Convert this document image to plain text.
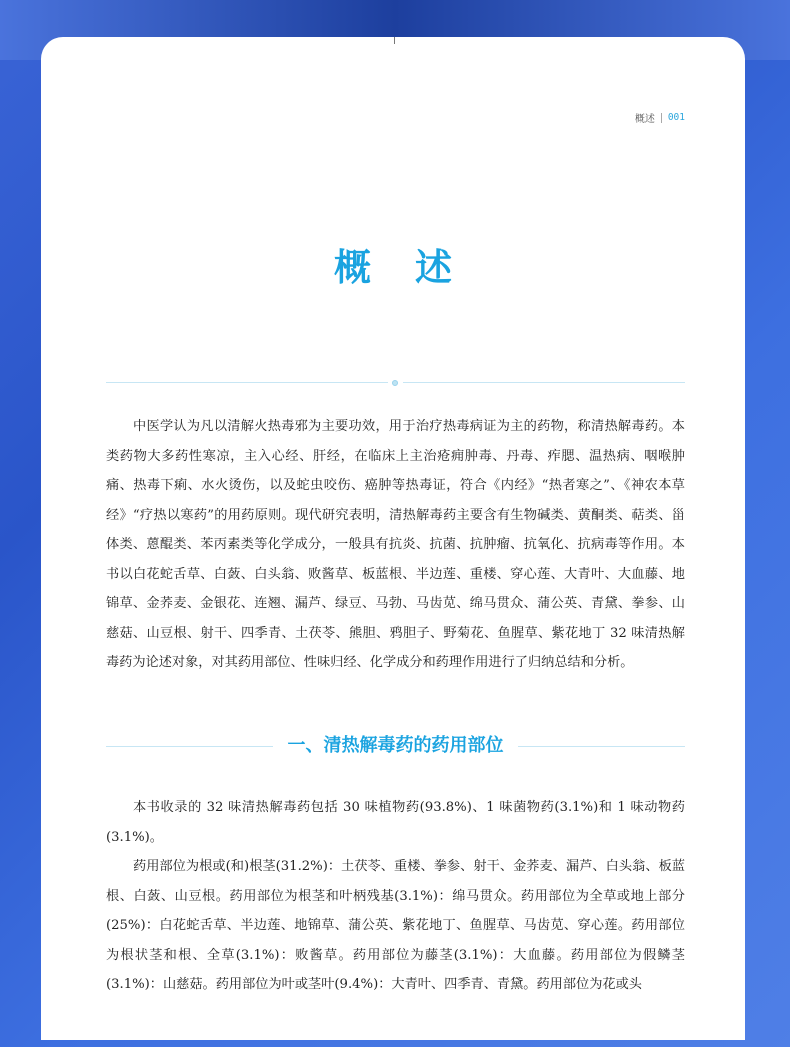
概述 001
概述

中医学认为凡以清解火热毒邪为主要功效，用于治疗热毒病证为主的药物，称清热解毒药。本类药物大多药性寒凉，主入心经、肝经，在临床上主治疮痈肿毒、丹毒、痄腮、温热病、咽喉肿痛、热毒下痢、水火烫伤，以及蛇虫咬伤、癌肿等热毒证，符合《内经》“热者寒之”、《神农本草经》“疗热以寒药”的用药原则。现代研究表明，清热解毒药主要含有生物碱类、黄酮类、萜类、甾体类、蒽醌类、苯丙素类等化学成分，一般具有抗炎、抗菌、抗肿瘤、抗氧化、抗病毒等作用。本书以白花蛇舌草、白蔹、白头翁、败酱草、板蓝根、半边莲、重楼、穿心莲、大青叶、大血藤、地锦草、金荞麦、金银花、连翘、漏芦、绿豆、马勃、马齿苋、绵马贯众、蒲公英、青黛、拳参、山慈菇、山豆根、射干、四季青、土茯苓、熊胆、鸦胆子、野菊花、鱼腥草、紫花地丁 32 味清热解毒药为论述对象，对其药用部位、性味归经、化学成分和药理作用进行了归纳总结和分析。

一、清热解毒药的药用部位

本书收录的 32 味清热解毒药包括 30 味植物药(93.8%)、1 味菌物药(3.1%)和 1 味动物药(3.1%)。

药用部位为根或(和)根茎(31.2%)：土茯苓、重楼、拳参、射干、金荞麦、漏芦、白头翁、板蓝根、白蔹、山豆根。药用部位为根茎和叶柄残基(3.1%)：绵马贯众。药用部位为全草或地上部分(25%)：白花蛇舌草、半边莲、地锦草、蒲公英、紫花地丁、鱼腥草、马齿苋、穿心莲。药用部位为根状茎和根、全草(3.1%)：败酱草。药用部位为藤茎(3.1%)：大血藤。药用部位为假鳞茎(3.1%)：山慈菇。药用部位为叶或茎叶(9.4%)：大青叶、四季青、青黛。药用部位为花或头
